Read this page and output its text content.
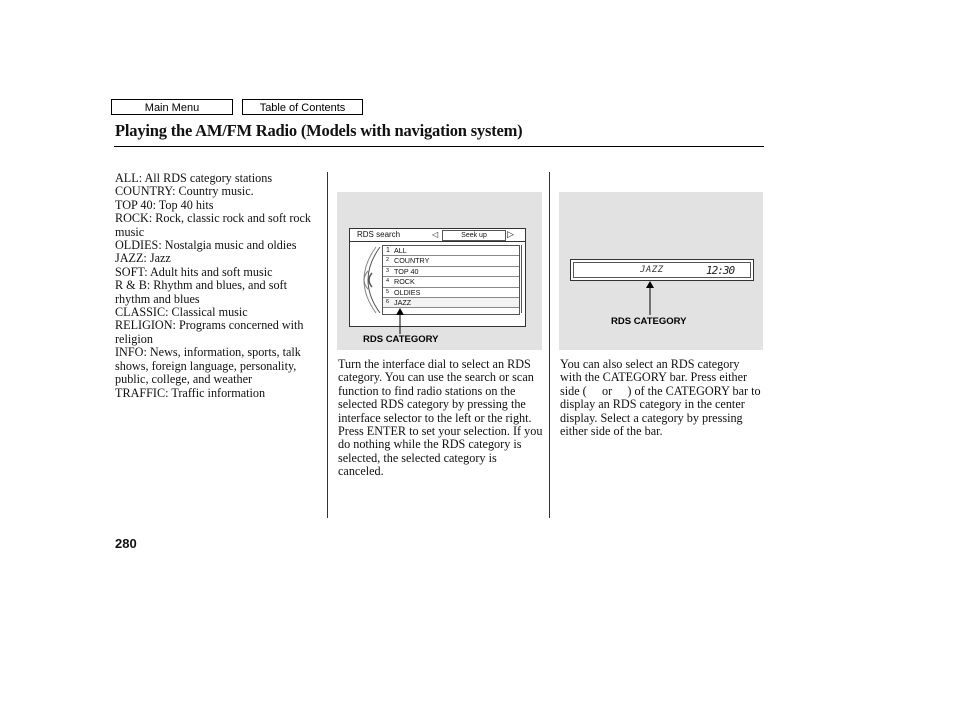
Main Menu	Table of Contents
Playing the AM/FM Radio (Models with navigation system)

ALL: All RDS category stations

COUNTRY: Country music.

TOP 40: Top 40 hits

ROCK: Rock, classic rock and soft rock music

OLDIES: Nostalgia music and oldies

JAZZ: Jazz

SOFT: Adult hits and soft music

R & B: Rhythm and blues, and soft rhythm and blues

CLASSIC: Classical music

RELIGION: Programs concerned with religion

INFO: News, information, sports, talk shows, foreign language, personality, public, college, and weather

TRAFFIC: Traffic information

RDS search	◁	Seek up	▷
1 ALL
2 COUNTRY
3 TOP 40
4 ROCK
5 OLDIES
6 JAZZ
RDS CATEGORY
JAZZ	12:30
RDS CATEGORY

Turn the interface dial to select an RDS category. You can use the search or scan function to find radio stations on the selected RDS category by pressing the interface selector to the left or the right. Press ENTER to set your selection. If you do nothing while the RDS category is selected, the selected category is canceled.

You can also select an RDS category with the CATEGORY bar. Press either side (     or     ) of the CATEGORY bar to display an RDS category in the center display. Select a category by pressing either side of the bar.

280
